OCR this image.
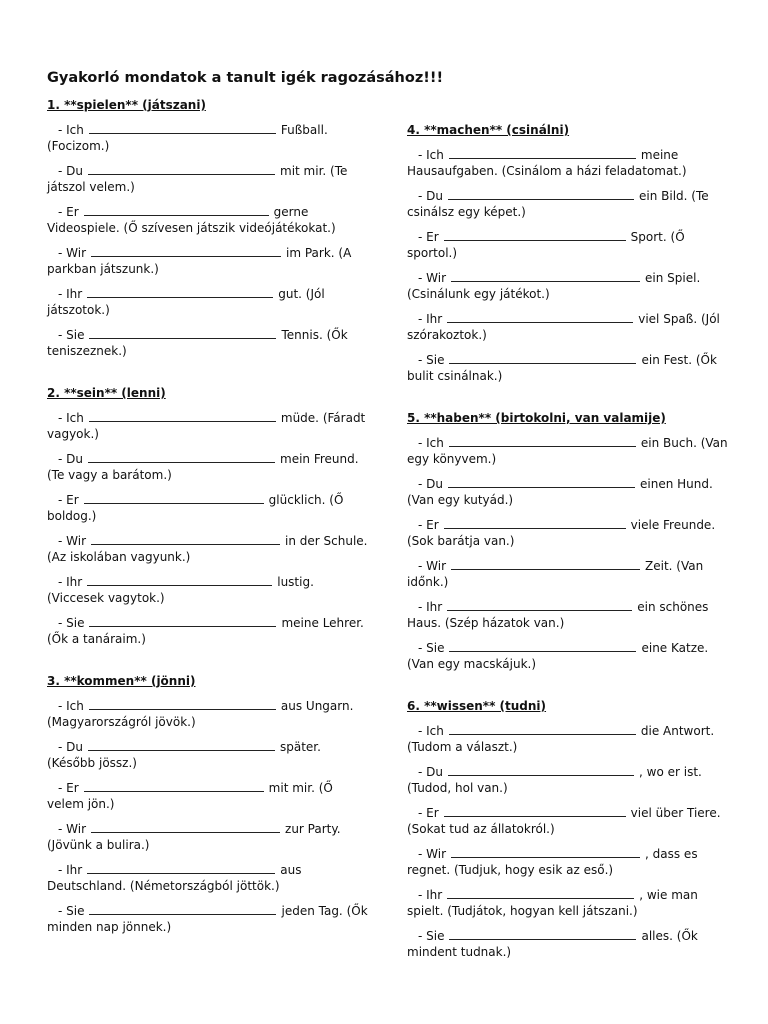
Gyakorló mondatok a tanult igék ragozásához!!!
1. **spielen** (játszani)
- Ich	Fußball. (Focizom.)
- Du	mit mir. (Te játszol velem.)
- Er	gerne Videospiele. (Ő szívesen játszik videójátékokat.)
- Wir	im Park. (A parkban játszunk.)
- Ihr	gut. (Jól játszotok.)
- Sie	Tennis. (Ők teniszeznek.)
2. **sein** (lenni)
- Ich	müde. (Fáradt vagyok.)
- Du	mein Freund. (Te vagy a barátom.)
- Er	glücklich. (Ő boldog.)
- Wir	in der Schule. (Az iskolában vagyunk.)
- Ihr	lustig. (Viccesek vagytok.)
- Sie	meine Lehrer. (Ők a tanáraim.)
3. **kommen** (jönni)
- Ich	aus Ungarn. (Magyarországról jövök.)
- Du	später. (Később jössz.)
- Er	mit mir. (Ő velem jön.)
- Wir	zur Party. (Jövünk a bulira.)
- Ihr	aus Deutschland. (Németországból jöttök.)
- Sie	jeden Tag. (Ők minden nap jönnek.)
4. **machen** (csinálni)
- Ich	meine Hausaufgaben. (Csinálom a házi feladatomat.)
- Du	ein Bild. (Te csinálsz egy képet.)
- Er	Sport. (Ő sportol.)
- Wir	ein Spiel. (Csinálunk egy játékot.)
- Ihr	viel Spaß. (Jól szórakoztok.)
- Sie	ein Fest. (Ők bulit csinálnak.)
5. **haben** (birtokolni, van valamije)
- Ich	ein Buch. (Van egy könyvem.)
- Du	einen Hund. (Van egy kutyád.)
- Er	viele Freunde. (Sok barátja van.)
- Wir	Zeit. (Van időnk.)
- Ihr	ein schönes Haus. (Szép házatok van.)
- Sie	eine Katze. (Van egy macskájuk.)
6. **wissen** (tudni)
- Ich	die Antwort. (Tudom a választ.)
- Du	, wo er ist. (Tudod, hol van.)
- Er	viel über Tiere. (Sokat tud az állatokról.)
- Wir	, dass es regnet. (Tudjuk, hogy esik az eső.)
- Ihr	, wie man spielt. (Tudjátok, hogyan kell játszani.)
- Sie	alles. (Ők mindent tudnak.)
